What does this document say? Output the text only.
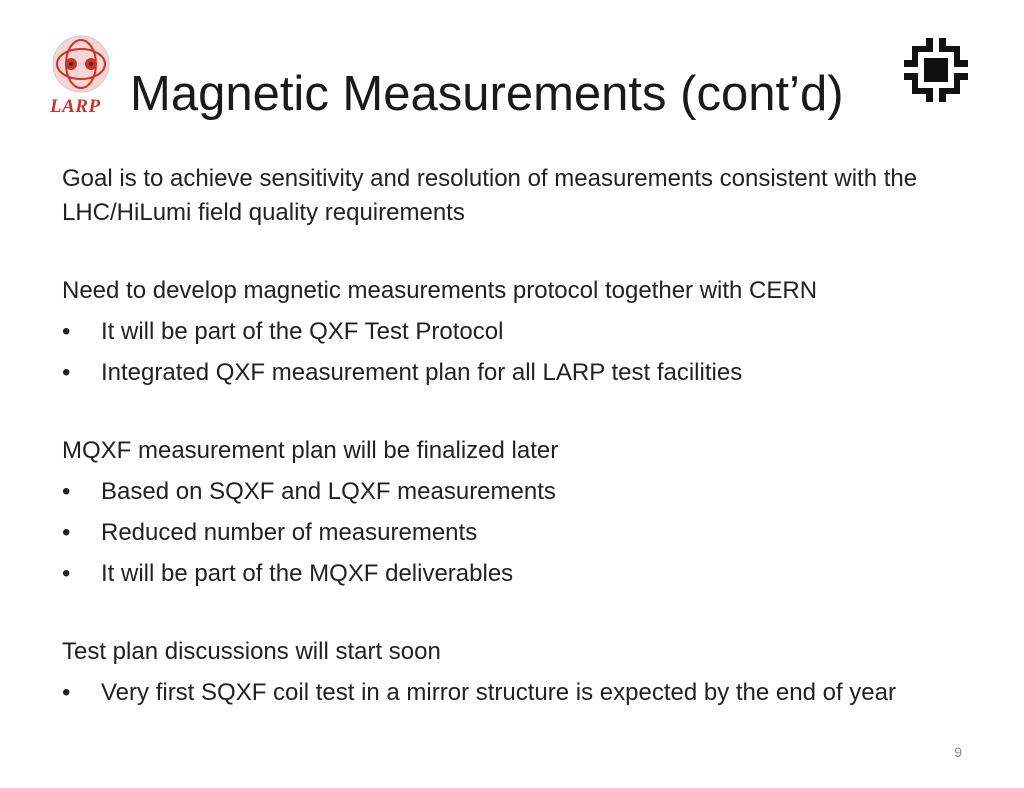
LARP Magnetic Measurements (cont’d)

Goal is to achieve sensitivity and resolution of measurements consistent with the LHC/HiLumi field quality requirements

Need to develop magnetic measurements protocol together with CERN

• It will be part of the QXF Test Protocol
• Integrated QXF measurement plan for all LARP test facilities

MQXF measurement plan will be finalized later

• Based on SQXF and LQXF measurements
• Reduced number of measurements
• It will be part of the MQXF deliverables

Test plan discussions will start soon

• Very first SQXF coil test in a mirror structure is expected by the end of year
9
